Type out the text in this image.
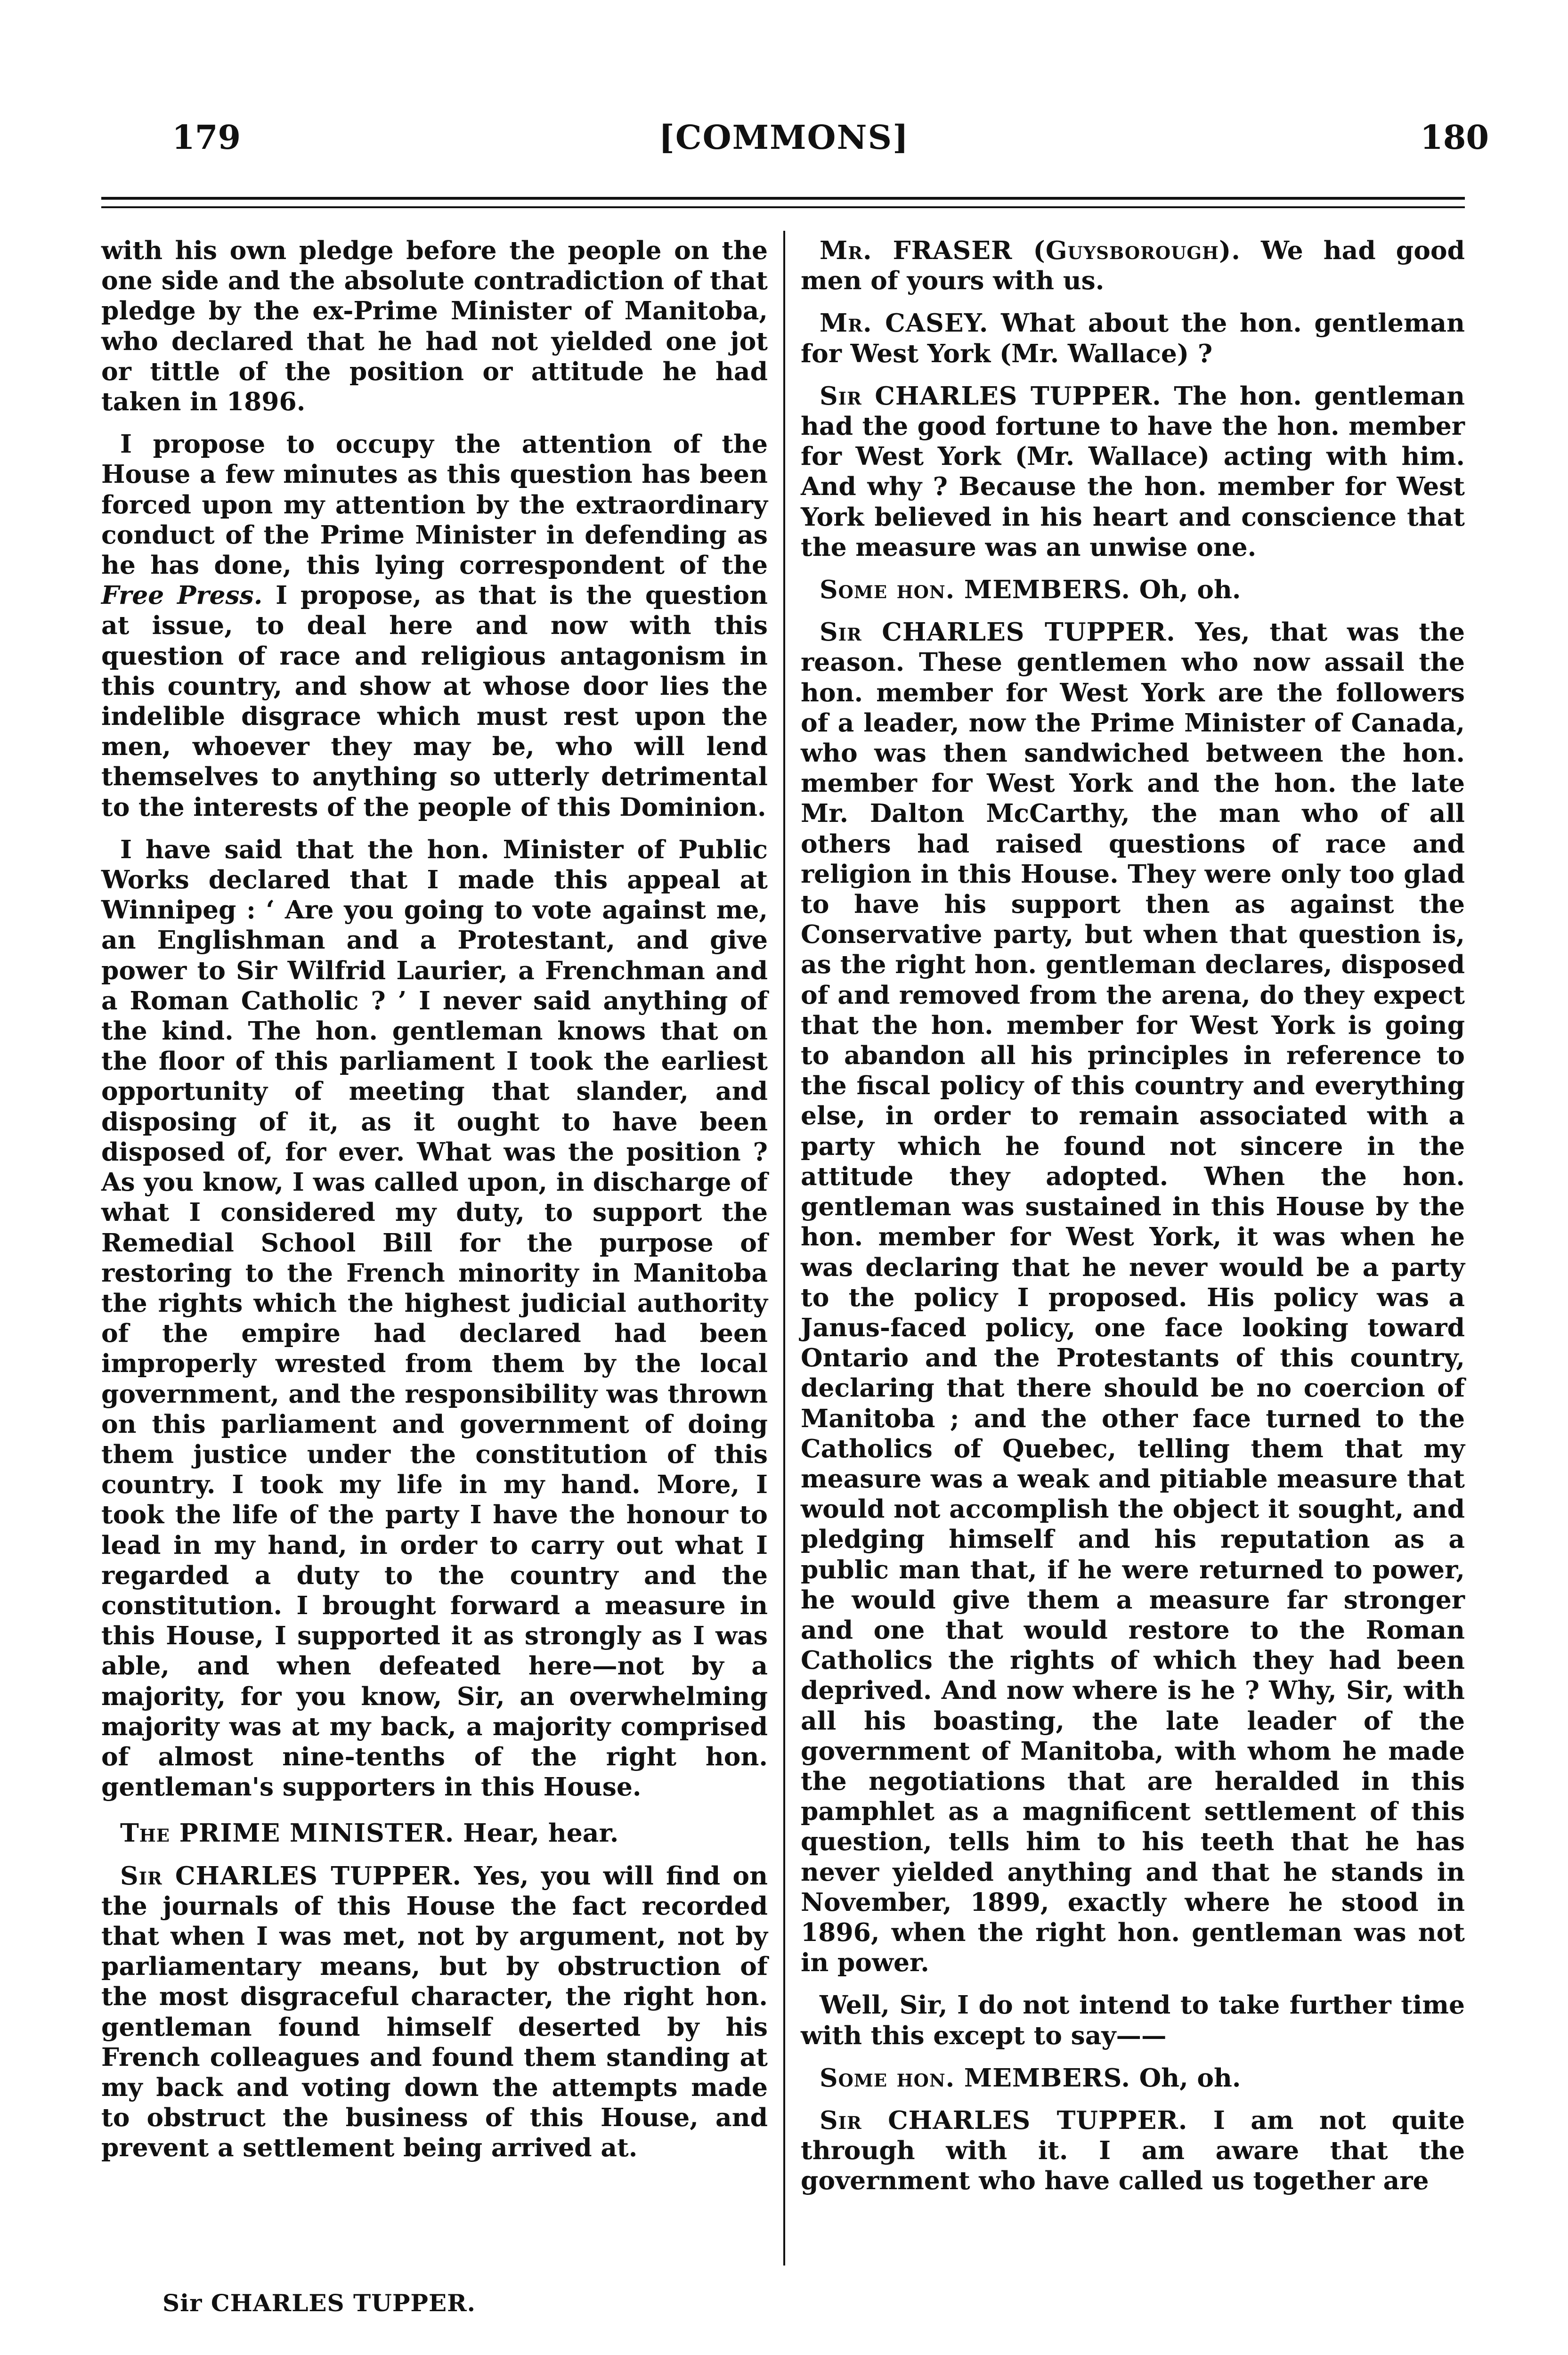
179	[COMMONS]	180

with his own pledge before the people on the one side and the absolute contradiction of that pledge by the ex-Prime Minister of Manitoba, who declared that he had not yielded one jot or tittle of the position or attitude he had taken in 1896.

I propose to occupy the attention of the House a few minutes as this question has been forced upon my attention by the extraordinary conduct of the Prime Minister in defending as he has done, this lying correspondent of the Free Press. I propose, as that is the question at issue, to deal here and now with this question of race and religious antagonism in this country, and show at whose door lies the indelible disgrace which must rest upon the men, whoever they may be, who will lend themselves to anything so utterly detrimental to the interests of the people of this Dominion.

I have said that the hon. Minister of Public Works declared that I made this appeal at Winnipeg : ‘ Are you going to vote against me, an Englishman and a Protestant, and give power to Sir Wilfrid Laurier, a Frenchman and a Roman Catholic ? ’ I never said anything of the kind. The hon. gentleman knows that on the floor of this parliament I took the earliest opportunity of meeting that slander, and disposing of it, as it ought to have been disposed of, for ever. What was the position ? As you know, I was called upon, in discharge of what I considered my duty, to support the Remedial School Bill for the purpose of restoring to the French minority in Manitoba the rights which the highest judicial authority of the empire had declared had been improperly wrested from them by the local government, and the responsibility was thrown on this parliament and government of doing them justice under the constitution of this country. I took my life in my hand. More, I took the life of the party I have the honour to lead in my hand, in order to carry out what I regarded a duty to the country and the constitution. I brought forward a measure in this House, I supported it as strongly as I was able, and when defeated here—not by a majority, for you know, Sir, an overwhelming majority was at my back, a majority comprised of almost nine-tenths of the right hon. gentleman's supporters in this House.

The PRIME MINISTER. Hear, hear.

Sir CHARLES TUPPER. Yes, you will find on the journals of this House the fact recorded that when I was met, not by argument, not by parliamentary means, but by obstruction of the most disgraceful character, the right hon. gentleman found himself deserted by his French colleagues and found them standing at my back and voting down the attempts made to obstruct the business of this House, and prevent a settlement being arrived at.

Mr. FRASER (Guysborough). We had good men of yours with us.

Mr. CASEY. What about the hon. gentleman for West York (Mr. Wallace) ?

Sir CHARLES TUPPER. The hon. gentleman had the good fortune to have the hon. member for West York (Mr. Wallace) acting with him. And why ? Because the hon. member for West York believed in his heart and conscience that the measure was an unwise one.

Some hon. MEMBERS. Oh, oh.

Sir CHARLES TUPPER. Yes, that was the reason. These gentlemen who now assail the hon. member for West York are the followers of a leader, now the Prime Minister of Canada, who was then sandwiched between the hon. member for West York and the hon. the late Mr. Dalton McCarthy, the man who of all others had raised questions of race and religion in this House. They were only too glad to have his support then as against the Conservative party, but when that question is, as the right hon. gentleman declares, disposed of and removed from the arena, do they expect that the hon. member for West York is going to abandon all his principles in reference to the fiscal policy of this country and everything else, in order to remain associated with a party which he found not sincere in the attitude they adopted. When the hon. gentleman was sustained in this House by the hon. member for West York, it was when he was declaring that he never would be a party to the policy I proposed. His policy was a Janus-faced policy, one face looking toward Ontario and the Protestants of this country, declaring that there should be no coercion of Manitoba ; and the other face turned to the Catholics of Quebec, telling them that my measure was a weak and pitiable measure that would not accomplish the object it sought, and pledging himself and his reputation as a public man that, if he were returned to power, he would give them a measure far stronger and one that would restore to the Roman Catholics the rights of which they had been deprived. And now where is he ? Why, Sir, with all his boasting, the late leader of the government of Manitoba, with whom he made the negotiations that are heralded in this pamphlet as a magnificent settlement of this question, tells him to his teeth that he has never yielded anything and that he stands in November, 1899, exactly where he stood in 1896, when the right hon. gentleman was not in power.

Well, Sir, I do not intend to take further time with this except to say——

Some hon. MEMBERS. Oh, oh.

Sir CHARLES TUPPER. I am not quite through with it. I am aware that the government who have called us together are

Sir CHARLES TUPPER.
